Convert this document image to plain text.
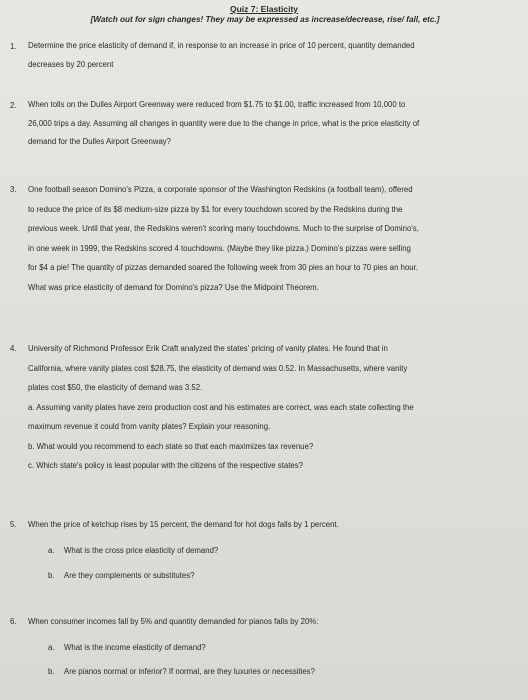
Quiz 7: Elasticity
[Watch out for sign changes! They may be expressed as increase/decrease, rise/ fall, etc.]
1. Determine the price elasticity of demand if, in response to an increase in price of 10 percent, quantity demanded
decreases by 20 percent
2. When tolls on the Dulles Airport Greenway were reduced from $1.75 to $1.00, traffic increased from 10,000 to
26,000 trips a day. Assuming all changes in quantity were due to the change in price, what is the price elasticity of
demand for the Dulles Airport Greenway?
3. One football season Domino's Pizza, a corporate sponsor of the Washington Redskins (a football team), offered
to reduce the price of its $8 medium-size pizza by $1 for every touchdown scored by the Redskins during the
previous week. Until that year, the Redskins weren't scoring many touchdowns. Much to the surprise of Domino's,
in one week in 1999, the Redskins scored 4 touchdowns. (Maybe they like pizza.) Domino's pizzas were selling
for $4 a pie! The quantity of pizzas demanded soared the following week from 30 pies an hour to 70 pies an hour.
What was price elasticity of demand for Domino's pizza? Use the Midpoint Theorem.
4. University of Richmond Professor Erik Craft analyzed the states' pricing of vanity plates. He found that in
California, where vanity plates cost $28.75, the elasticity of demand was 0.52. In Massachusetts, where vanity
plates cost $50, the elasticity of demand was 3.52.
a. Assuming vanity plates have zero production cost and his estimates are correct, was each state collecting the
maximum revenue it could from vanity plates? Explain your reasoning.
b. What would you recommend to each state so that each maximizes tax revenue?
c. Which state's policy is least popular with the citizens of the respective states?
5. When the price of ketchup rises by 15 percent, the demand for hot dogs falls by 1 percent.
a. What is the cross price elasticity of demand?
b. Are they complements or substitutes?
6. When consumer incomes fall by 5% and quantity demanded for pianos falls by 20%:
a. What is the income elasticity of demand?
b. Are pianos normal or inferior? If normal, are they luxuries or necessities?
